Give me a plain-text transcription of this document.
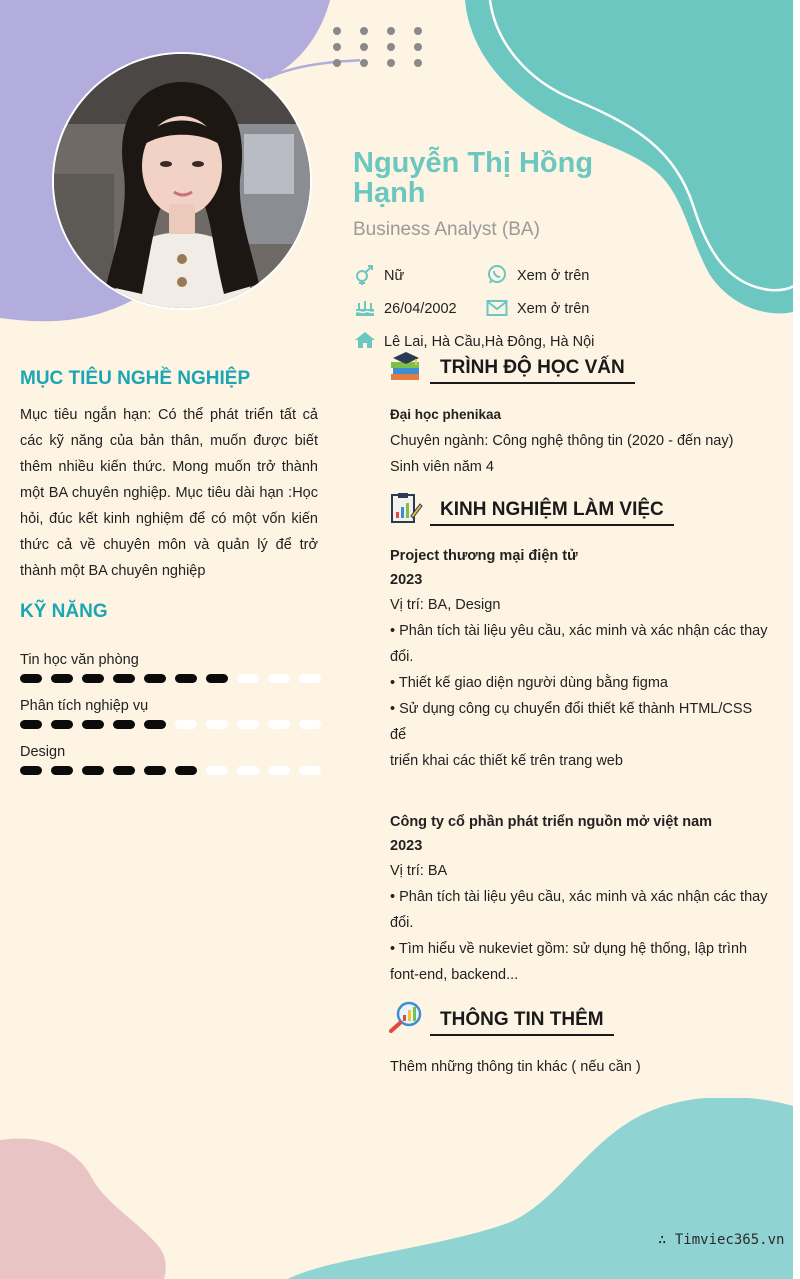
Nguyễn Thị Hồng Hạnh
Business Analyst (BA)
Nữ	Xem ở trên
26/04/2002	Xem ở trên
Lê Lai, Hà Cầu,Hà Đông, Hà Nội
MỤC TIÊU NGHỀ NGHIỆP

Mục tiêu ngắn hạn: Có thể phát triển tất cả các kỹ năng của bản thân, muốn được biết thêm nhiều kiến thức. Mong muốn trở thành một BA chuyên nghiệp. Mục tiêu dài hạn :Học hỏi, đúc kết kinh nghiệm để có một vốn kiến thức cả về chuyên môn và quản lý để trở thành một BA chuyên nghiệp

KỸ NĂNG
Tin học văn phòng
Phân tích nghiệp vụ
Design
TRÌNH ĐỘ HỌC VẤN
Đại học phenikaa
Chuyên ngành: Công nghệ thông tin (2020 - đến nay)
Sinh viên năm 4
KINH NGHIỆM LÀM VIỆC
Project thương mại điện tử
2023
Vị trí: BA, Design
• Phân tích tài liệu yêu cầu, xác minh và xác nhận các thay đổi.
• Thiết kế giao diện người dùng bằng figma
• Sử dụng công cụ chuyển đổi thiết kế thành HTML/CSS để
triển khai các thiết kế trên trang web
Công ty cổ phần phát triển nguồn mở việt nam
2023
Vị trí: BA
• Phân tích tài liệu yêu cầu, xác minh và xác nhận các thay đổi.
• Tìm hiểu về nukeviet gồm: sử dụng hệ thống, lập trình font-end, backend...
THÔNG TIN THÊM
Thêm những thông tin khác ( nếu cần )
∴ Timviec365.vn
